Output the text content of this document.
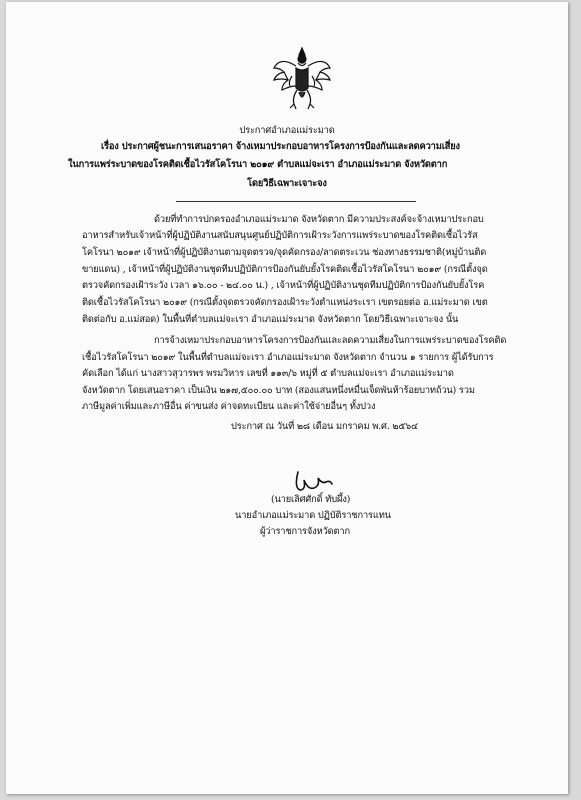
ประกาศอำเภอแม่ระมาด
เรื่อง ประกาศผู้ชนะการเสนอราคา จ้างเหมาประกอบอาหารโครงการป้องกันและลดความเสี่ยง
ในการแพร่ระบาดของโรคติดเชื้อไวรัสโคโรนา ๒๐๑๙ ตำบลแม่จะเรา อำเภอแม่ระมาด จังหวัดตาก
โดยวิธีเฉพาะเจาะจง
ด้วยที่ทำการปกครองอำเภอแม่ระมาด จังหวัดตาก มีความประสงค์จะจ้างเหมาประกอบ
อาหารสำหรับเจ้าหน้าที่ผู้ปฏิบัติงานสนับสนุนศูนย์ปฏิบัติการเฝ้าระวังการแพร่ระบาดของโรคติดเชื้อไวรัส
โคโรนา ๒๐๑๙ เจ้าหน้าที่ผู้ปฏิบัติงานตามจุดตรวจ/จุดคัดกรอง/ลาดตระเวน ช่องทางธรรมชาติ(หมู่บ้านติด
ขายแดน) , เจ้าหน้าที่ผู้ปฏิบัติงานชุดทีมปฏิบัติการป้องกันยับยั้งโรคติดเชื้อไวรัสโคโรนา ๒๐๑๙ (กรณีตั้งจุด
ตรวจคัดกรองเฝ้าระวัง เวลา ๑๖.๐๐ - ๒๔.๐๐ น.) , เจ้าหน้าที่ผู้ปฏิบัติงานชุดทีมปฏิบัติการป้องกันยับยั้งโรค
ติดเชื้อไวรัสโคโรนา ๒๐๑๙ (กรณีตั้งจุดตรวจคัดกรองเฝ้าระวังตำแหน่งระเรา เขตรอยต่อ อ.แม่ระมาด เขต
ติดต่อกับ อ.แม่สอด) ในพื้นที่ตำบลแม่จะเรา อำเภอแม่ระมาด จังหวัดตาก โดยวิธีเฉพาะเจาะจง นั้น
การจ้างเหมาประกอบอาหารโครงการป้องกันและลดความเสี่ยงในการแพร่ระบาดของโรคติด
เชื้อไวรัสโคโรนา ๒๐๑๙ ในพื้นที่ตำบลแม่จะเรา อำเภอแม่ระมาด จังหวัดตาก จำนวน ๑ รายการ ผู้ได้รับการ
คัดเลือก ได้แก่ นางสาวสุวารพร พรมวิหาร เลขที่ ๑๑๓/๖ หมู่ที่ ๕ ตำบลแม่จะเรา อำเภอแม่ระมาด
จังหวัดตาก โดยเสนอราคา เป็นเงิน ๒๑๗,๕๐๐.๐๐ บาท (สองแสนหนึ่งหมื่นเจ็ดพันห้าร้อยบาทถ้วน) รวม
ภาษีมูลค่าเพิ่มและภาษีอื่น ค่าขนส่ง ค่าจดทะเบียน และค่าใช้จ่ายอื่นๆ ทั้งปวง
ประกาศ ณ วันที่ ๒๘ เดือน มกราคม พ.ศ. ๒๕๖๔
(นายเลิศศักดิ์ ทับผึ้ง)
นายอำเภอแม่ระมาด ปฏิบัติราชการแทน
ผู้ว่าราชการจังหวัดตาก
